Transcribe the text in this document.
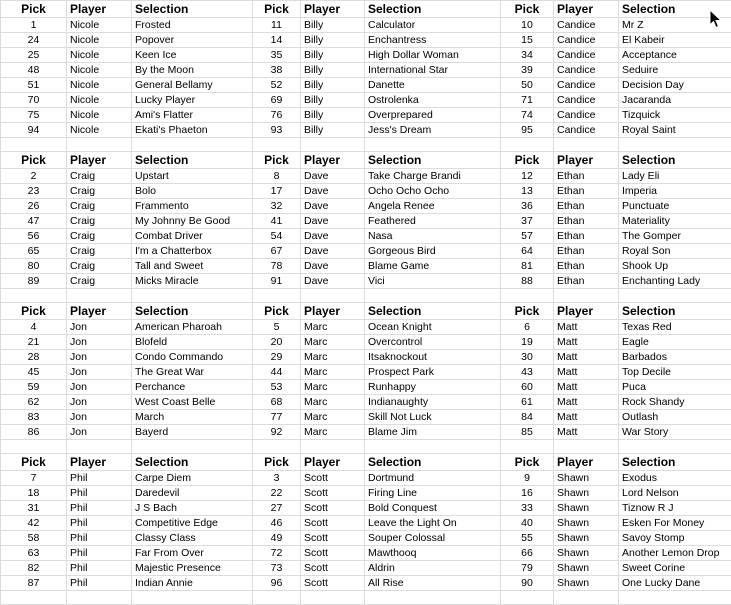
Pick	Player	Selection	Pick	Player	Selection	Pick	Player	Selection
1	Nicole	Frosted	11	Billy	Calculator	10	Candice	Mr Z
24	Nicole	Popover	14	Billy	Enchantress	15	Candice	El Kabeir
25	Nicole	Keen Ice	35	Billy	High Dollar Woman	34	Candice	Acceptance
48	Nicole	By the Moon	38	Billy	International Star	39	Candice	Seduire
51	Nicole	General Bellamy	52	Billy	Danette	50	Candice	Decision Day
70	Nicole	Lucky Player	69	Billy	Ostrolenka	71	Candice	Jacaranda
75	Nicole	Ami's Flatter	76	Billy	Overprepared	74	Candice	Tizquick
94	Nicole	Ekati's Phaeton	93	Billy	Jess's Dream	95	Candice	Royal Saint

Pick	Player	Selection	Pick	Player	Selection	Pick	Player	Selection
2	Craig	Upstart	8	Dave	Take Charge Brandi	12	Ethan	Lady Eli
23	Craig	Bolo	17	Dave	Ocho Ocho Ocho	13	Ethan	Imperia
26	Craig	Frammento	32	Dave	Angela Renee	36	Ethan	Punctuate
47	Craig	My Johnny Be Good	41	Dave	Feathered	37	Ethan	Materiality
56	Craig	Combat Driver	54	Dave	Nasa	57	Ethan	The Gomper
65	Craig	I'm a Chatterbox	67	Dave	Gorgeous Bird	64	Ethan	Royal Son
80	Craig	Tall and Sweet	78	Dave	Blame Game	81	Ethan	Shook Up
89	Craig	Micks Miracle	91	Dave	Vici	88	Ethan	Enchanting Lady

Pick	Player	Selection	Pick	Player	Selection	Pick	Player	Selection
4	Jon	American Pharoah	5	Marc	Ocean Knight	6	Matt	Texas Red
21	Jon	Blofeld	20	Marc	Overcontrol	19	Matt	Eagle
28	Jon	Condo Commando	29	Marc	Itsaknockout	30	Matt	Barbados
45	Jon	The Great War	44	Marc	Prospect Park	43	Matt	Top Decile
59	Jon	Perchance	53	Marc	Runhappy	60	Matt	Puca
62	Jon	West Coast Belle	68	Marc	Indianaughty	61	Matt	Rock Shandy
83	Jon	March	77	Marc	Skill Not Luck	84	Matt	Outlash
86	Jon	Bayerd	92	Marc	Blame Jim	85	Matt	War Story

Pick	Player	Selection	Pick	Player	Selection	Pick	Player	Selection
7	Phil	Carpe Diem	3	Scott	Dortmund	9	Shawn	Exodus
18	Phil	Daredevil	22	Scott	Firing Line	16	Shawn	Lord Nelson
31	Phil	J S Bach	27	Scott	Bold Conquest	33	Shawn	Tiznow R J
42	Phil	Competitive Edge	46	Scott	Leave the Light On	40	Shawn	Esken For Money
58	Phil	Classy Class	49	Scott	Souper Colossal	55	Shawn	Savoy Stomp
63	Phil	Far From Over	72	Scott	Mawthooq	66	Shawn	Another Lemon Drop
82	Phil	Majestic Presence	73	Scott	Aldrin	79	Shawn	Sweet Corine
87	Phil	Indian Annie	96	Scott	All Rise	90	Shawn	One Lucky Dane
